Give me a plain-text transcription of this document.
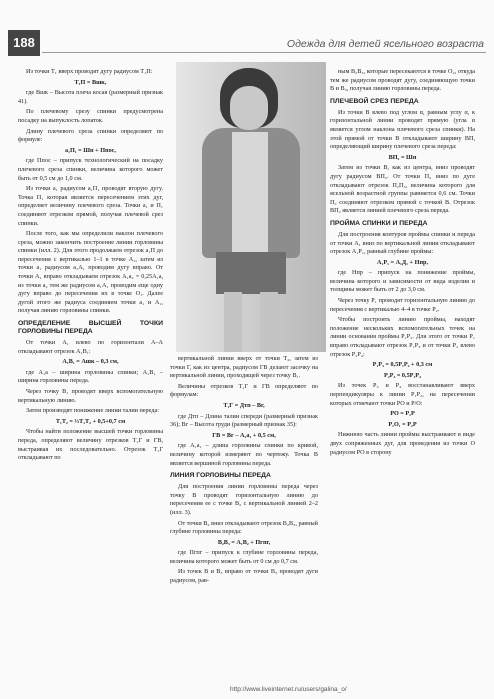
188	Одежда для детей ясельного возраста

Из точки Т₁ вверх проводят дугу радиусом Т₁П:

Т₁П = Вшк,

где Вшк – Высота плеча косая (размерный признак 41).

По плечевому срезу спинки предусмотрена посадку на выпуклость лопаток.

Длину плечевого среза спинки определяют по формуле:

а₁П₁ = Шп + Ппос,

где Ппос – припуск технологический на посадку плечевого среза спинки, величина которого может быть от 0,5 см до 1,0 см.

Из точки а₁ радиусом а₁П₁ проводят вторую дугу. Точка П₁ которая является пересечением этих дуг, определяет величину плечевого среза. Точки а₁ и П₁ соединяют отрезком прямой, получая плечевой срез спинки.

После того, как мы определили наклон плечевого среза, можно закончить построение линии горловины спинки (илл. 2). Для этого продолжаем отрезок а₁П до пересечения с вертикалью 1–1 в точке А₁, затем из точки а₁ радиусом а₁А₁ проводим дугу вправо. От точки А₁ вправо откладываем отрезок А₁а₂ = 0,25А₁а, из точки а₂ тем же радиусом а₁А₁ проводим еще одну дугу вправо до пересечения их в точке О₁. Далее дугой этого же радиуса соединяем точки а₁ и А₁, получая линию горловины спинки.

ОПРЕДЕЛЕНИЕ ВЫСШЕЙ ТОЧКИ ГОРЛОВИНЫ ПЕРЕДА

От точки А₁ влево по горизонтали А–А откладывают отрезок А₁В₁:

А₁В₁ = Ашк – 0,3 см,

где А₁а – ширина горловины спинки; А₁В₁ – ширина горловины переда.

Через точку В₁ проводят вверх вспомогательную вертикальную линию.

Затем производят понижение линии талии переда:

Т₁Т₂ = ⅓Т₁Т₂ + 0,5+0,7 см

Чтобы найти положение высшей точки горловины переда, определяют величину отрезков Т₁Г и ГВ, выстраивая их последовательно. Отрезок Т₁Г откладывают по

вертикальной линии вверх от точки Т₂, затем из точки Г, как из центра, радиусом ГВ делают засечку на вертикальной линии, проходящей через точку В₁.

Величины отрезков Т₁Г и ГВ определяют по формулам:

Т₁Г = Дтп – Вг,

где Дтп – Длина талии спереди (размерный признак 36); Вг – Высота груди (размерный признак 35):

ГВ = Вг – А₁а₁ + 0,5 см,

где А₁а₁ – длина горловины спинки по кривой, величину которой измеряют по чертежу. Точка В является вершиной горловины переда.

ЛИНИЯ ГОРЛОВИНЫ ПЕРЕДА

Для построения линии горловины переда через точку В проводят горизонтальную линию до пересечения ее с точке В₂ с вертикальной линией 2–2 (илл. 3).

От точки В₂ вниз откладывают отрезок В₂В₃, равный глубине горловины переда:

В₂В₃ = А₁В₂ + Пгпг,

где Пгпг – припуск к глубине горловины переда, величина которого может быть от 0 см до 0,7 см.

Из точек В и В₃ вправо от точки В₃ проводят дуги радиусом, рав-

ным В₂В₃, которые пересекаются в точке О₂, откуда тем же радиусом проводят дугу, соединяющую точки В и В₃, получая линию горловины переда.

ПЛЕЧЕВОЙ СРЕЗ ПЕРЕДА

Из точки В влево под углом α, равным углу α, к горизонтальной линии проводят прямую (угла α является углом наклона плечевого среза спинки). На этой прямой от точки В откладывают ширину ВП, определяющий ширину плечевого среза переда:

ВП₂ = Шп

Затем из точки В, как из центра, вниз проводят дугу радиусом ВП₂. От точки П₂ вниз по дуге откладывают отрезок П₂П₃, величина которого для ясельной возрастной группы равняется 0,6 см. Точки П₂ соединяют отрезком прямой с точкой В. Отрезок ВП₂ является линией плечевого среза переда.

ПРОЙМА СПИНКИ И ПЕРЕДА

Для построения контуров проймы спинки и переда от точки А₁ вниз по вертикальной линии откладывают отрезок А₁Р₁, равный глубине проймы:

А₁Р₁ = А₁Д₁ + Нпр,

где Нпр – припуск на понижение проймы, величина которого и зависимости от вида изделия и толщины может быть от 2 до 3,0 см.

Через точку Р₁ проводят горизонтальную линию до пересечения с вертикалью 4–4 в точке Р₂.

Чтобы построить линию проймы, находят положение нескольких вспомогательных точек на линии основания проймы Р₁Р₂. Для этого от точки Р₁ вправо откладывают отрезок Р₁Р₃ и от точки Р₂ влево отрезок Р₂Р₄:

Р₁Р₃ = 0,5Р₁Р₂ + 0,3 см

Р₂Р₄ = 0,5Р₁Р₄

Из точек Р₃ и Р₄ восстанавливают вверх перпендикуляры к линии Р₁Р₂, на пересечении которых отмечают точки РО и Р/О:

РО = Р₁Р

Р₁О₁ = Р₂Р

Нижнюю часть линии проймы выстраивают в виде двух сопряженных дуг, для проведения из точки О радиусом РО в сторону

http://www.liveinternet.ru/users/galina_o/
